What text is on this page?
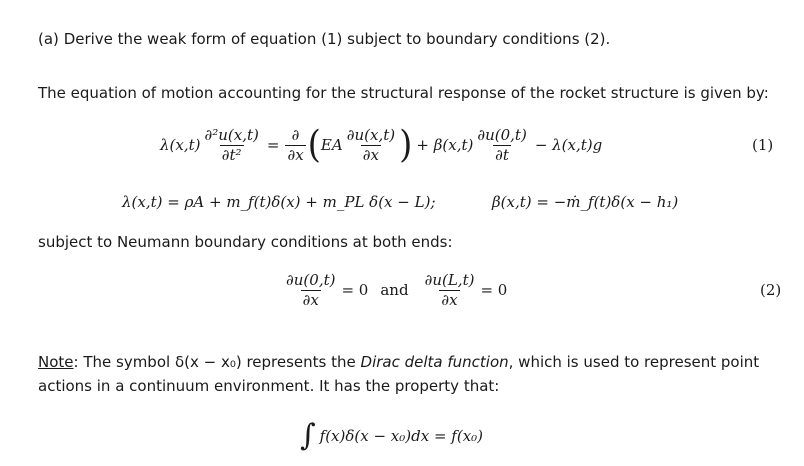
(a) Derive the weak form of equation (1) subject to boundary conditions (2).
The equation of motion accounting for the structural response of the rocket structure is given by:
$\lambda(x,t) \frac{\text{∂²u(x,t)}}{\text{∂t²}} = \frac{\partial}{\partial x}$ ( EA $\frac{\partial u(x,t)}{\partial x}$ ) + $\beta(x,t) \frac{\partial u(0,t)}{\partial t} - \lambda(x,t)g$	(1)
λ(x,t) = ρA + m_f(t)δ(x) + m_PL δ(x − L);	β(x,t) = −ṁ_f(t)δ(x − h₁)
subject to Neumann boundary conditions at both ends:
$\frac{\partial u(0,t)}{\partial x} = 0$ and $\frac{\partial u(L,t)}{\partial x} = 0$	(2)
Note: The symbol δ(x − x₀) represents the Dirac delta function, which is used to represent point actions in a continuum environment. It has the property that:
∫ f(x)δ(x − x₀)dx = f(x₀)
